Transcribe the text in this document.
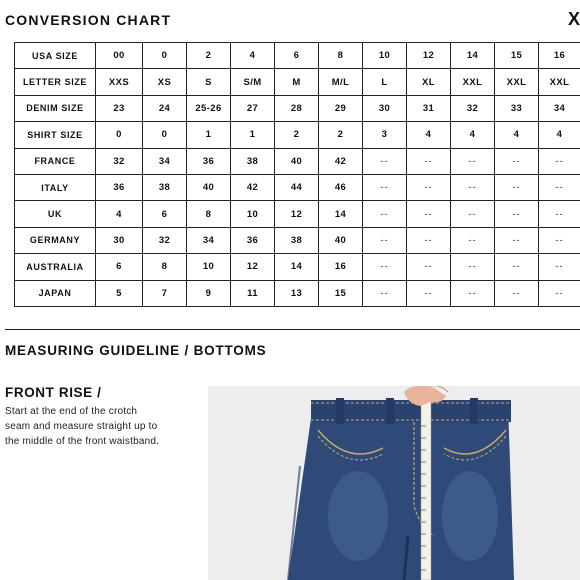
CONVERSION CHART	X
USA SIZE	00	0	2	4	6	8	10	12	14	15	16
LETTER SIZE	XXS	XS	S	S/M	M	M/L	L	XL	XXL	XXL	XXL
DENIM SIZE	23	24	25-26	27	28	29	30	31	32	33	34
SHIRT SIZE	0	0	1	1	2	2	3	4	4	4	4
FRANCE	32	34	36	38	40	42	--	--	--	--	--
ITALY	36	38	40	42	44	46	--	--	--	--	--
UK	4	6	8	10	12	14	--	--	--	--	--
GERMANY	30	32	34	36	38	40	--	--	--	--	--
AUSTRALIA	6	8	10	12	14	16	--	--	--	--	--
JAPAN	5	7	9	11	13	15	--	--	--	--	--
MEASURING GUIDELINE / BOTTOMS
FRONT RISE /
Start at the end of the crotch
seam and measure straight up to
the middle of the front waistband.
